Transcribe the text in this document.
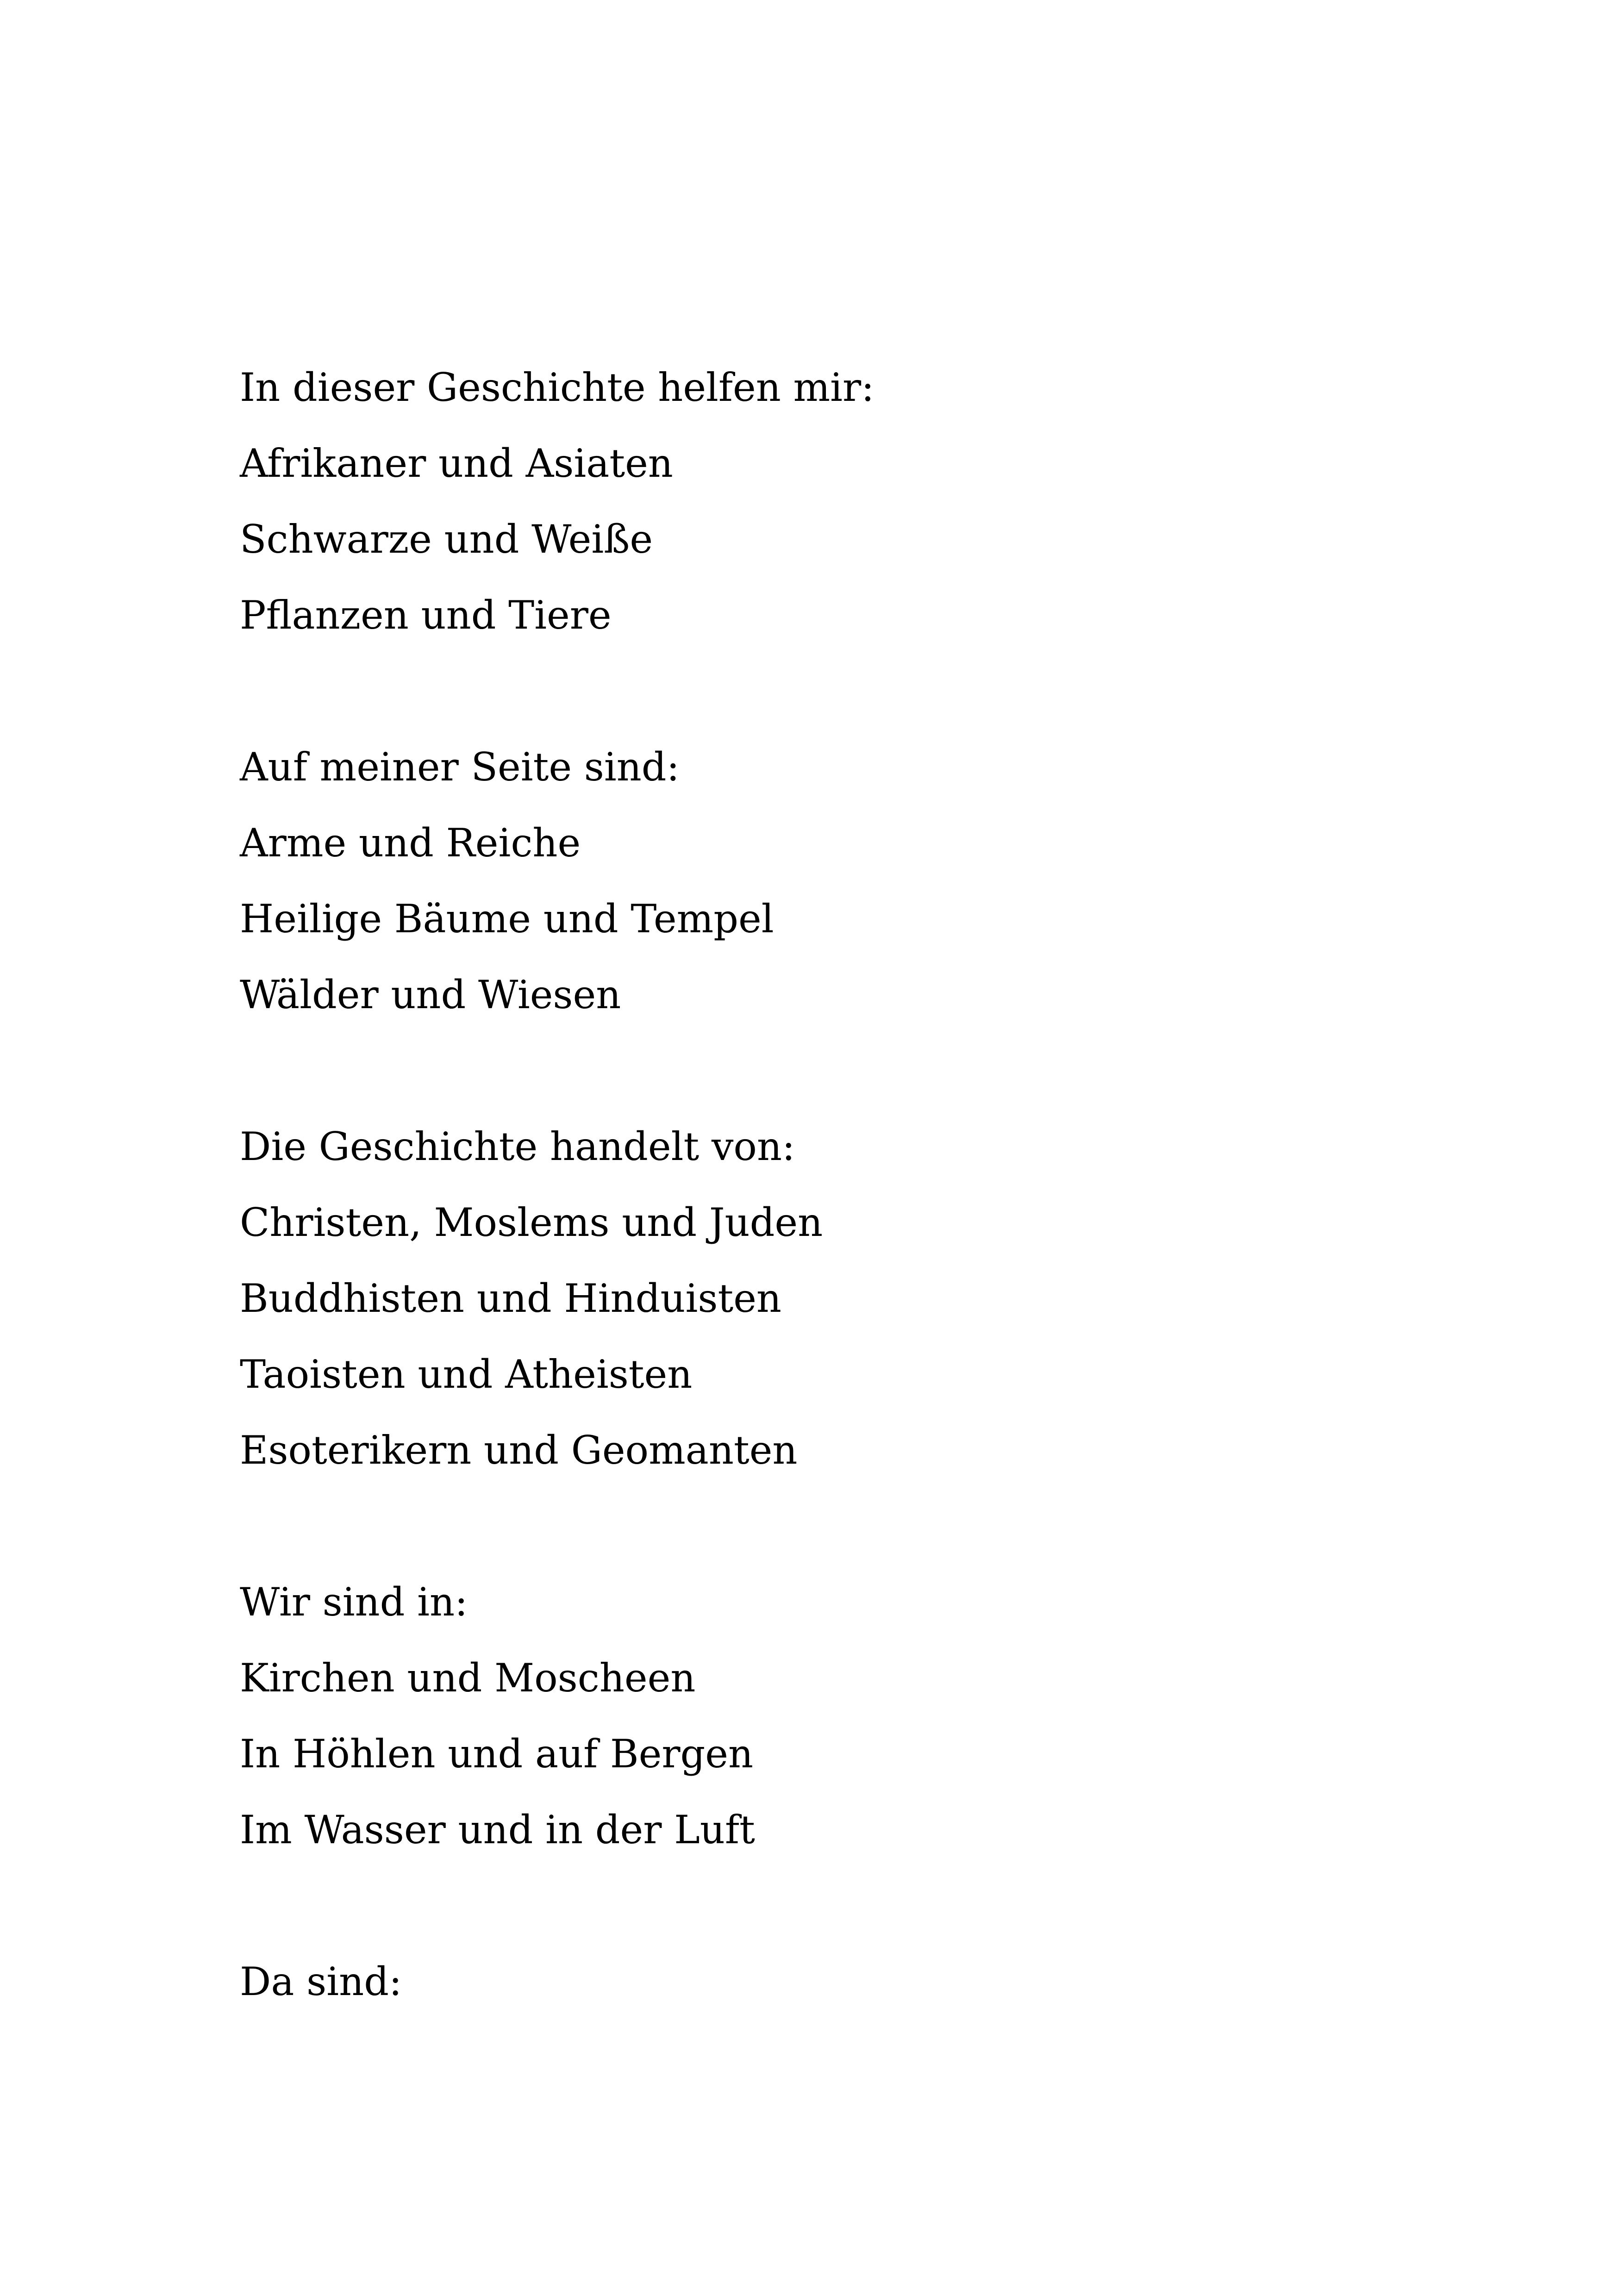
In dieser Geschichte helfen mir:
Afrikaner und Asiaten
Schwarze und Weiße
Pflanzen und Tiere
Auf meiner Seite sind:
Arme und Reiche
Heilige Bäume und Tempel
Wälder und Wiesen
Die Geschichte handelt von:
Christen, Moslems und Juden
Buddhisten und Hinduisten
Taoisten und Atheisten
Esoterikern und Geomanten
Wir sind in:
Kirchen und Moscheen
In Höhlen und auf Bergen
Im Wasser und in der Luft
Da sind:
